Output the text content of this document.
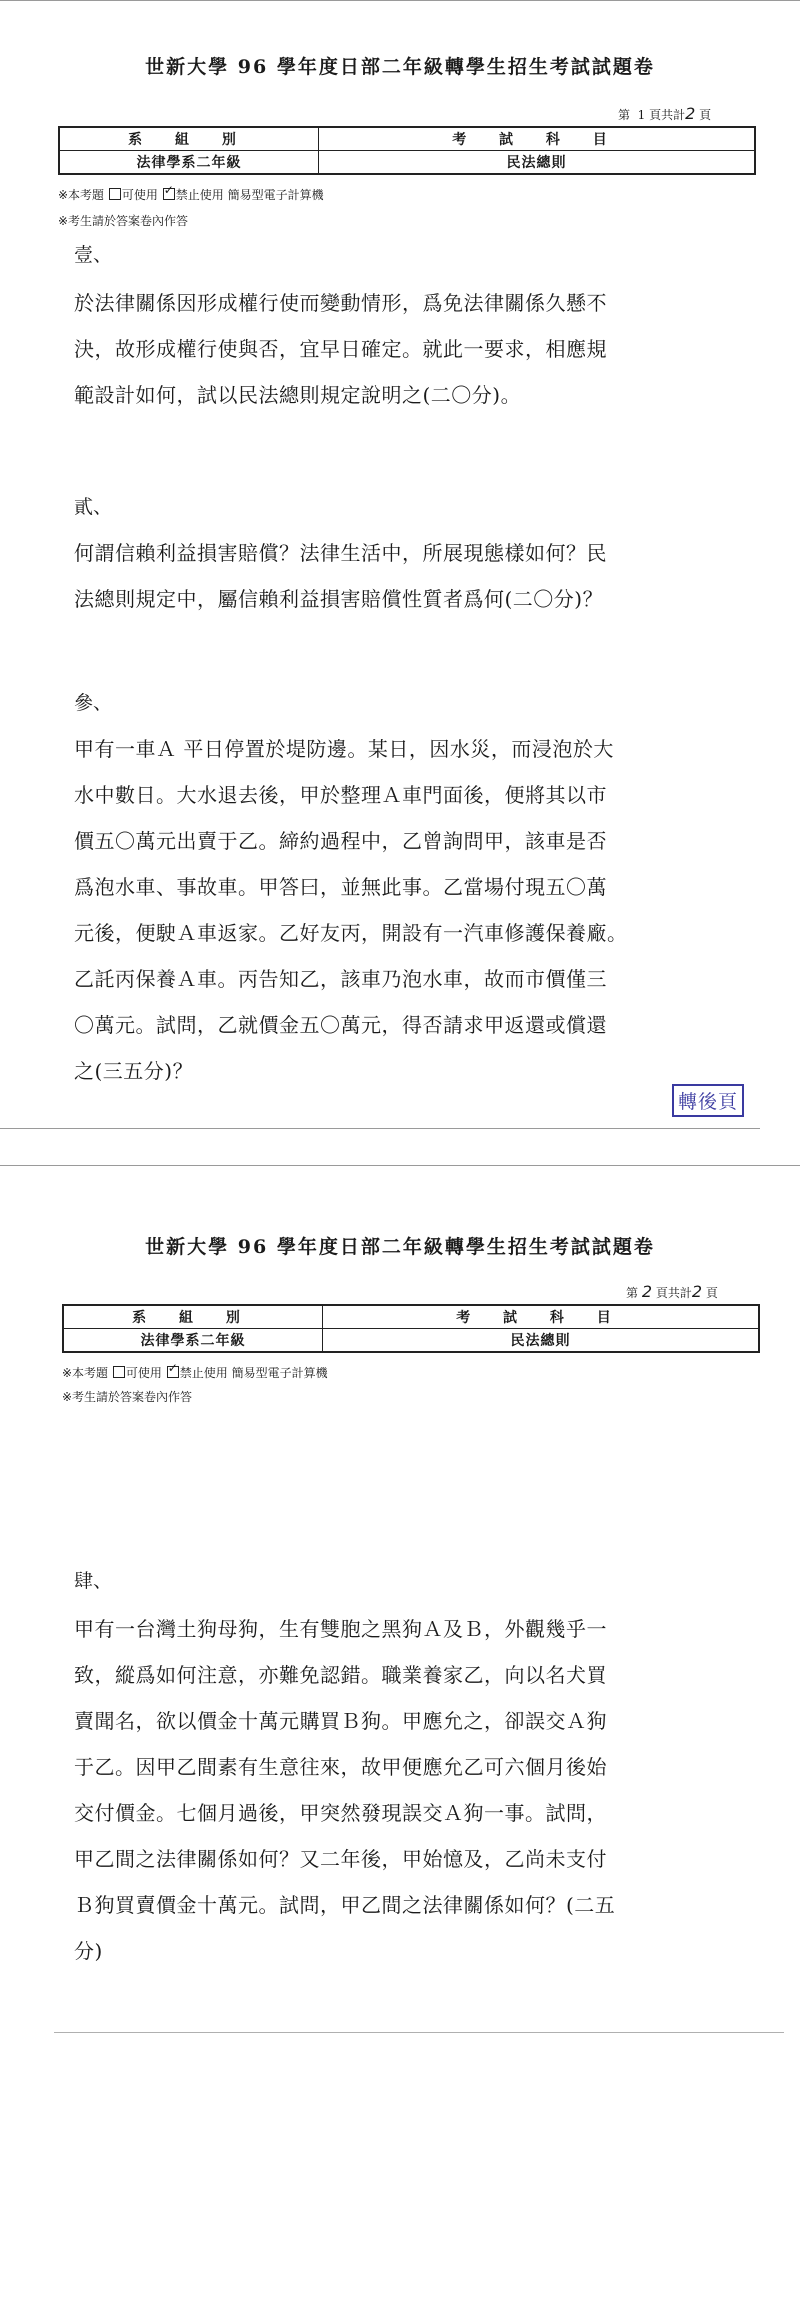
世新大學 96 學年度日部二年級轉學生招生考試試題卷
第 1 頁共計2 頁
系 組 別	考 試 科 目
法律學系二年級	民法總則
※本考題 可使用 ✓ 禁止使用 簡易型電子計算機
※考生請於答案卷內作答
壹、
於法律關係因形成權行使而變動情形，爲免法律關係久懸不
決，故形成權行使與否，宜早日確定。就此一要求，相應規
範設計如何，試以民法總則規定說明之(二〇分)。
貳、
何謂信賴利益損害賠償？法律生活中，所展現態樣如何？民
法總則規定中，屬信賴利益損害賠償性質者爲何(二〇分)？
參、
甲有一車Ａ 平日停置於堤防邊。某日，因水災，而浸泡於大
水中數日。大水退去後，甲於整理Ａ車門面後，便將其以市
價五〇萬元出賣于乙。締約過程中，乙曾詢問甲，該車是否
爲泡水車、事故車。甲答曰，並無此事。乙當場付現五〇萬
元後，便駛Ａ車返家。乙好友丙，開設有一汽車修護保養廠。
乙託丙保養Ａ車。丙告知乙，該車乃泡水車，故而市價僅三
〇萬元。試問，乙就價金五〇萬元，得否請求甲返還或償還
之(三五分)？
轉後頁
世新大學 96 學年度日部二年級轉學生招生考試試題卷
第 2 頁共計2 頁
系 組 別	考 試 科 目
法律學系二年級	民法總則
※本考題 可使用 ✓ 禁止使用 簡易型電子計算機
※考生請於答案卷內作答
肆、
甲有一台灣土狗母狗，生有雙胞之黑狗Ａ及Ｂ，外觀幾乎一
致，縱爲如何注意，亦難免認錯。職業養家乙，向以名犬買
賣聞名，欲以價金十萬元購買Ｂ狗。甲應允之，卻誤交Ａ狗
于乙。因甲乙間素有生意往來，故甲便應允乙可六個月後始
交付價金。七個月過後，甲突然發現誤交Ａ狗一事。試問，
甲乙間之法律關係如何？又二年後，甲始憶及，乙尚未支付
Ｂ狗買賣價金十萬元。試問，甲乙間之法律關係如何？(二五
分)
